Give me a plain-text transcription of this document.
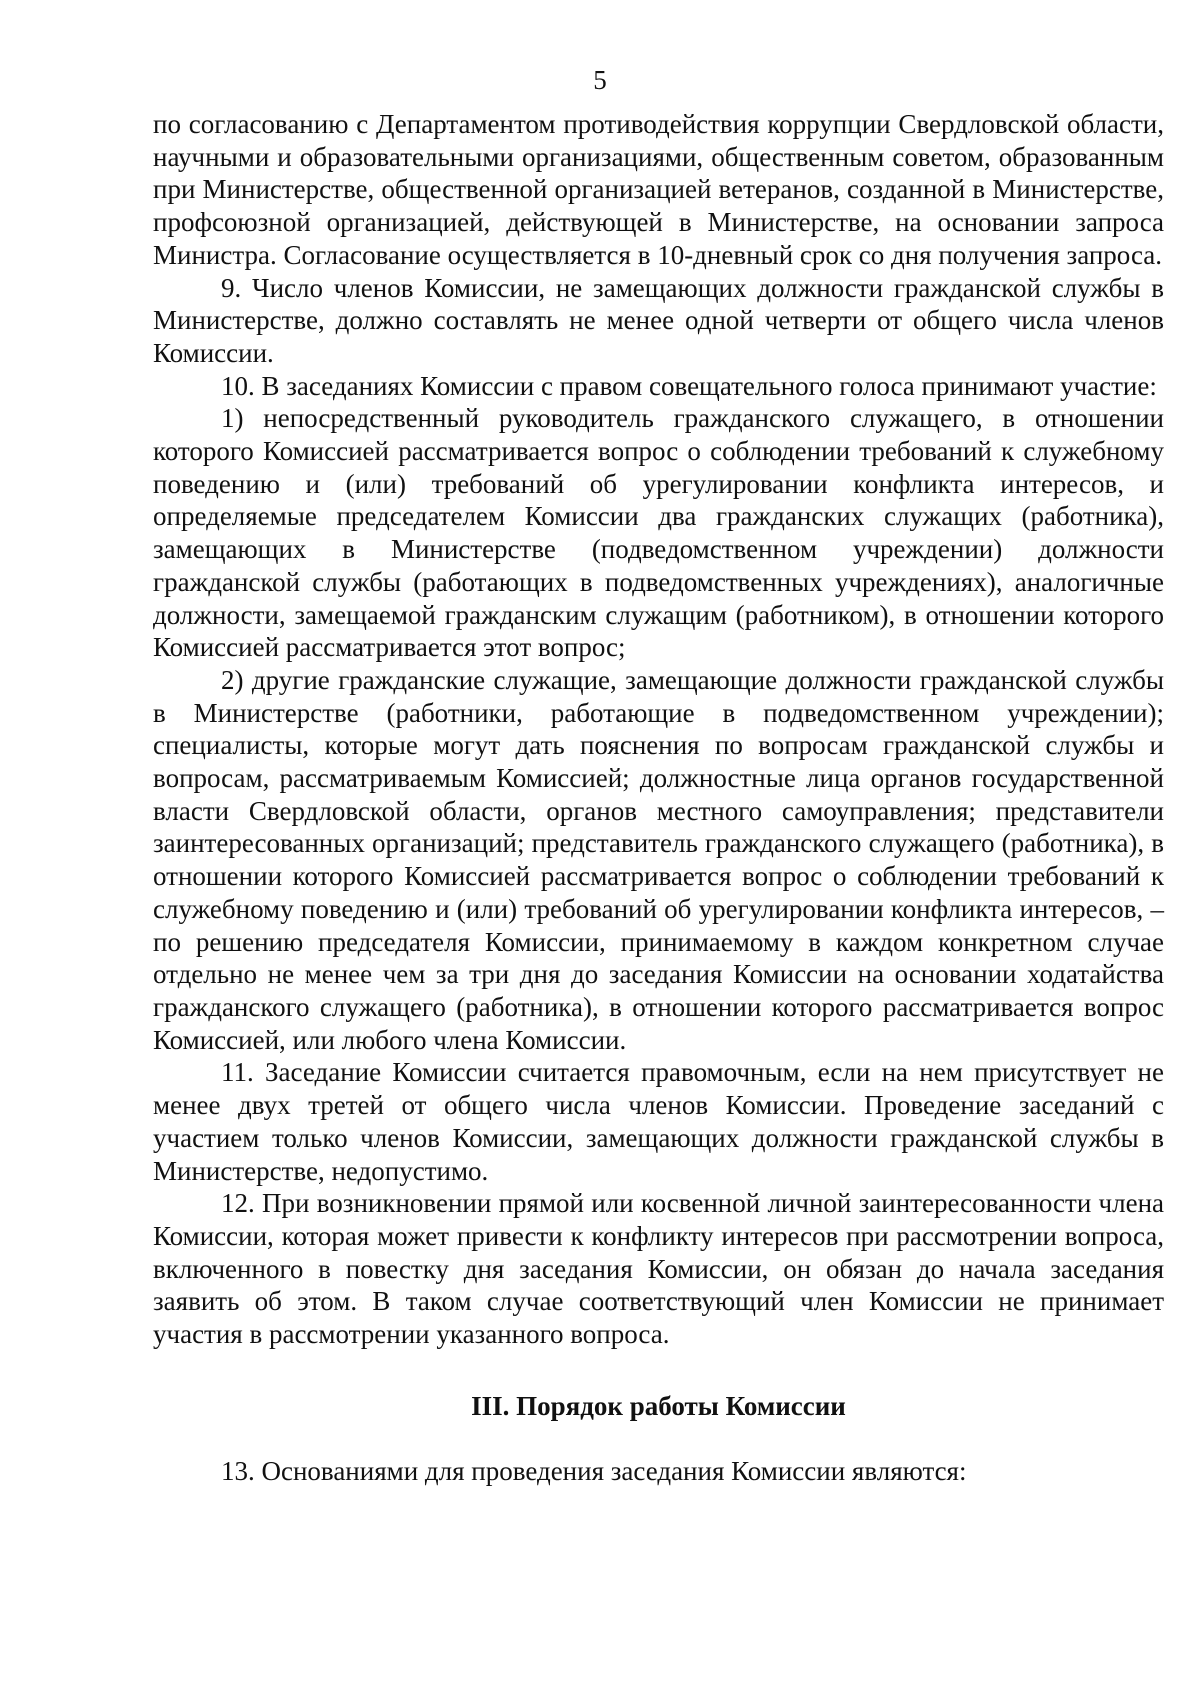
5

по согласованию с Департаментом противодействия коррупции Свердловской области, научными и образовательными организациями, общественным советом, образованным при Министерстве, общественной организацией ветеранов, созданной в Министерстве, профсоюзной организацией, действующей в Министерстве, на основании запроса Министра. Согласование осуществляется в 10-дневный срок со дня получения запроса.

9. Число членов Комиссии, не замещающих должности гражданской службы в Министерстве, должно составлять не менее одной четверти от общего числа членов Комиссии.

10. В заседаниях Комиссии с правом совещательного голоса принимают участие:

1) непосредственный руководитель гражданского служащего, в отношении которого Комиссией рассматривается вопрос о соблюдении требований к служебному поведению и (или) требований об урегулировании конфликта интересов, и определяемые председателем Комиссии два гражданских служащих (работника), замещающих в Министерстве (подведомственном учреждении) должности гражданской службы (работающих в подведомственных учреждениях), аналогичные должности, замещаемой гражданским служащим (работником), в отношении которого Комиссией рассматривается этот вопрос;

2) другие гражданские служащие, замещающие должности гражданской службы в Министерстве (работники, работающие в подведомственном учреждении); специалисты, которые могут дать пояснения по вопросам гражданской службы и вопросам, рассматриваемым Комиссией; должностные лица органов государственной власти Свердловской области, органов местного самоуправления; представители заинтересованных организаций; представитель гражданского служащего (работника), в отношении которого Комиссией рассматривается вопрос о соблюдении требований к служебному поведению и (или) требований об урегулировании конфликта интересов, – по решению председателя Комиссии, принимаемому в каждом конкретном случае отдельно не менее чем за три дня до заседания Комиссии на основании ходатайства гражданского служащего (работника), в отношении которого рассматривается вопрос Комиссией, или любого члена Комиссии.

11. Заседание Комиссии считается правомочным, если на нем присутствует не менее двух третей от общего числа членов Комиссии. Проведение заседаний с участием только членов Комиссии, замещающих должности гражданской службы в Министерстве, недопустимо.

12. При возникновении прямой или косвенной личной заинтересованности члена Комиссии, которая может привести к конфликту интересов при рассмотрении вопроса, включенного в повестку дня заседания Комиссии, он обязан до начала заседания заявить об этом. В таком случае соответствующий член Комиссии не принимает участия в рассмотрении указанного вопроса.

III. Порядок работы Комиссии

13. Основаниями для проведения заседания Комиссии являются:
